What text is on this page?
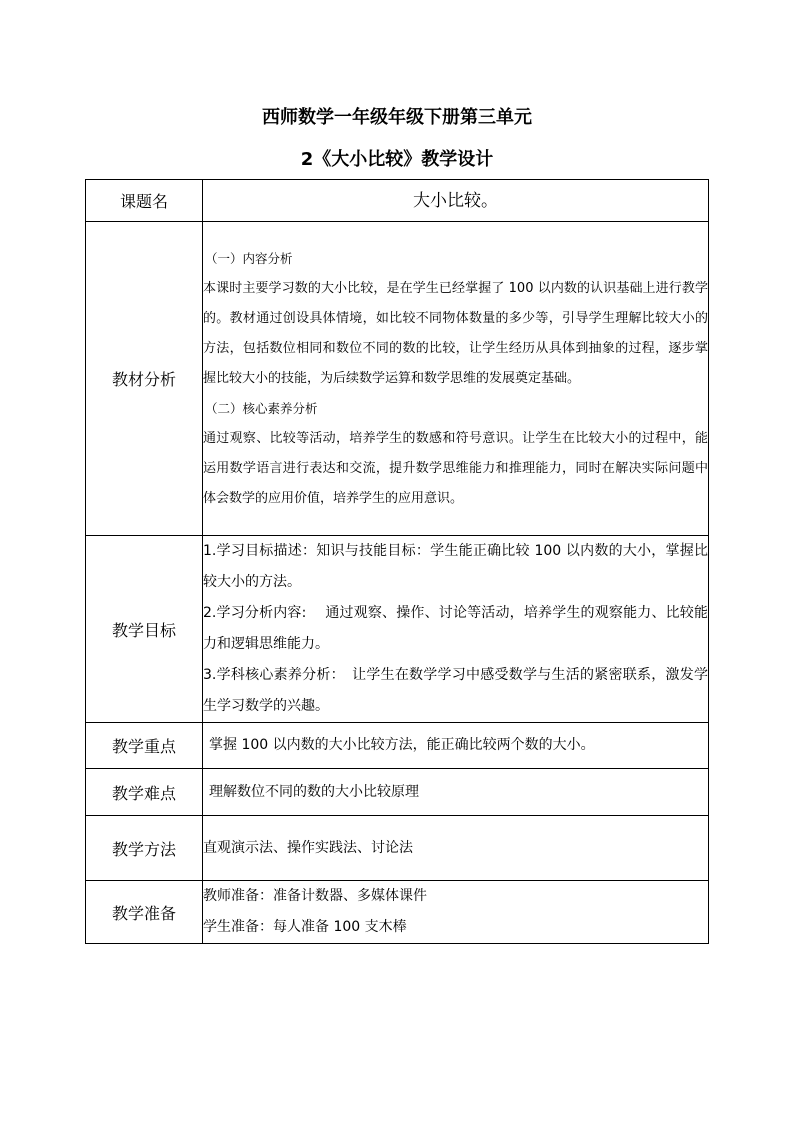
西师数学一年级年级下册第三单元
2《大小比较》教学设计
课题名	大小比较。
教材分析	（一）内容分析
本课时主要学习数的大小比较，是在学生已经掌握了 100 以内数的认识基础上进行教学的。教材通过创设具体情境，如比较不同物体数量的多少等，引导学生理解比较大小的方法，包括数位相同和数位不同的数的比较，让学生经历从具体到抽象的过程，逐步掌握比较大小的技能，为后续数学运算和数学思维的发展奠定基础。
（二）核心素养分析
通过观察、比较等活动，培养学生的数感和符号意识。让学生在比较大小的过程中，能运用数学语言进行表达和交流，提升数学思维能力和推理能力，同时在解决实际问题中体会数学的应用价值，培养学生的应用意识。

教学目标	1.学习目标描述：知识与技能目标：学生能正确比较 100 以内数的大小，掌握比较大小的方法。
2.学习分析内容:　 通过观察、操作、讨论等活动，培养学生的观察能力、比较能力和逻辑思维能力。
3.学科核心素养分析：　让学生在数学学习中感受数学与生活的紧密联系，激发学生学习数学的兴趣。

教学重点	掌握 100 以内数的大小比较方法，能正确比较两个数的大小。
教学难点	理解数位不同的数的大小比较原理
教学方法	直观演示法、操作实践法、讨论法
教学准备	教师准备：准备计数器、多媒体课件
学生准备：每人准备 100 支木棒
